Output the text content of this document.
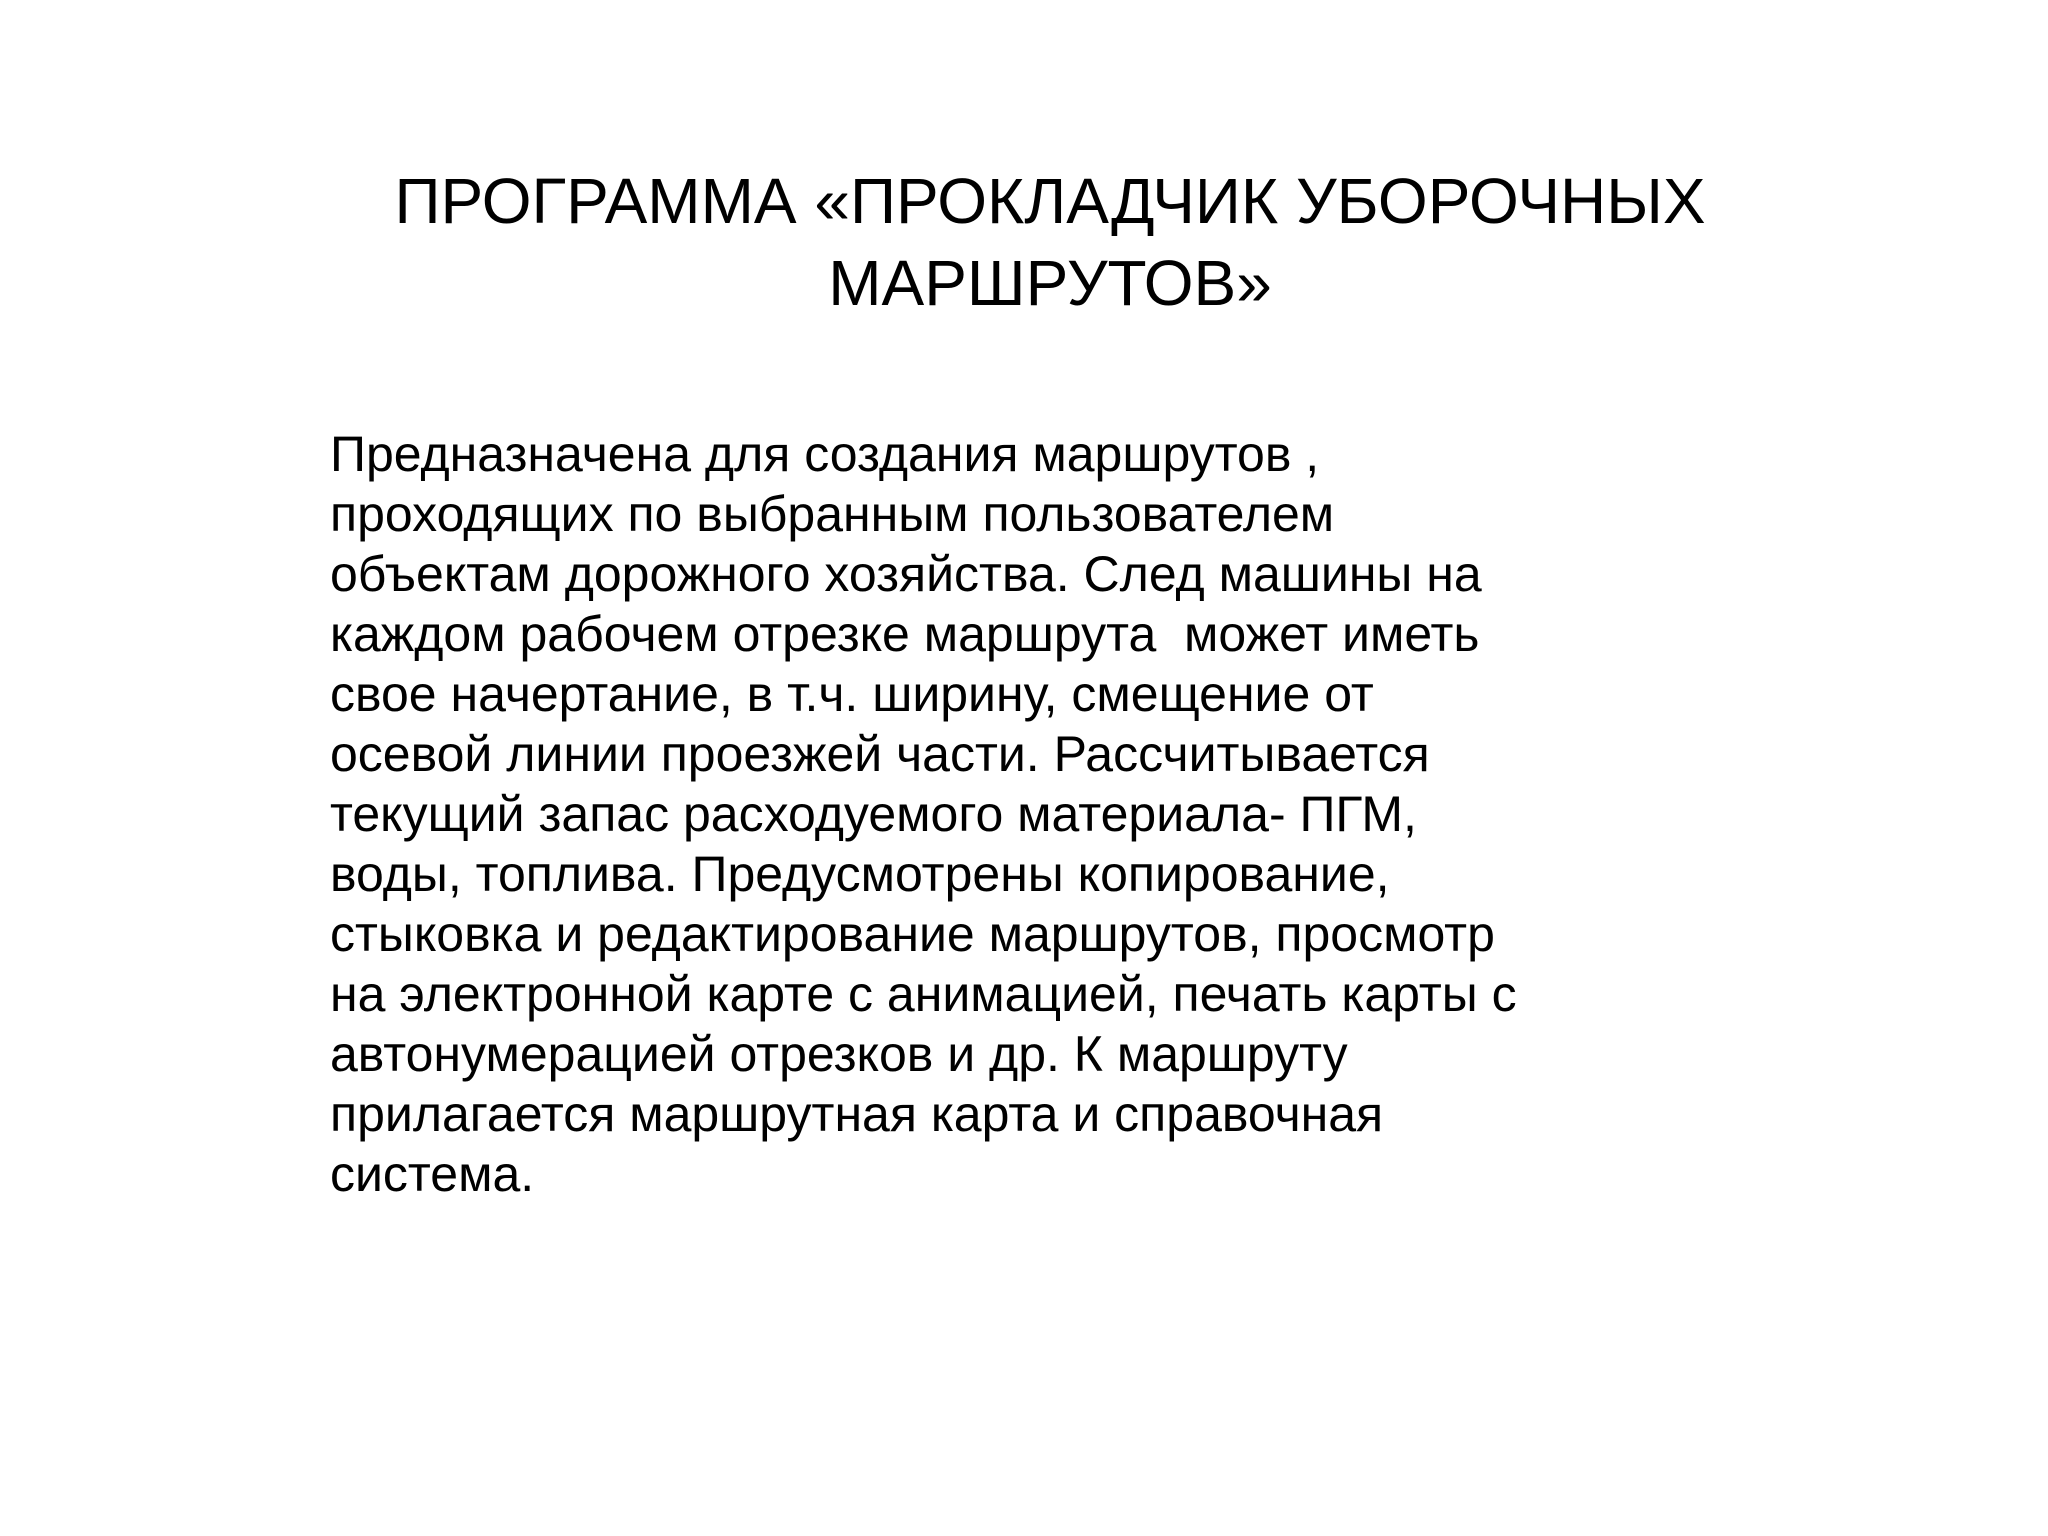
ПРОГРАММА «ПРОКЛАДЧИК УБОРОЧНЫХ
МАРШРУТОВ»
Предназначена для создания маршрутов ,
проходящих по выбранным пользователем
объектам дорожного хозяйства. След машины на
каждом рабочем отрезке маршрута  может иметь
свое начертание, в т.ч. ширину, смещение от
осевой линии проезжей части. Рассчитывается
текущий запас расходуемого материала- ПГМ,
воды, топлива. Предусмотрены копирование,
стыковка и редактирование маршрутов, просмотр
на электронной карте с анимацией, печать карты с
автонумерацией отрезков и др. К маршруту
прилагается маршрутная карта и справочная
система.
